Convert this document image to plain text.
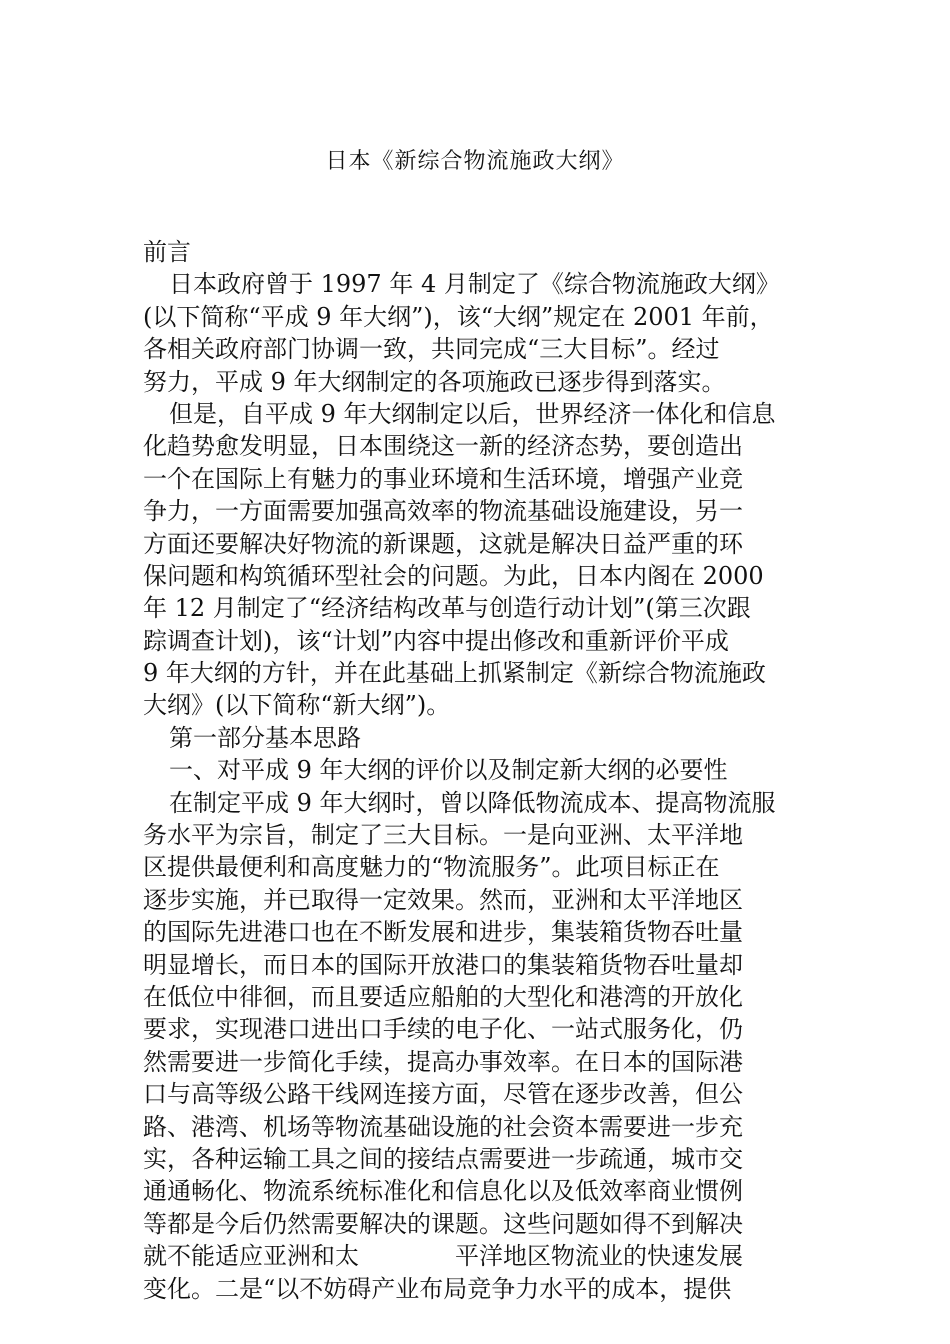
日本《新综合物流施政大纲》
前言
日本政府曾于 1997 年 4 月制定了《综合物流施政大纲》
(以下简称“平成 9 年大纲”)，该“大纲”规定在 2001 年前，
各相关政府部门协调一致，共同完成“三大目标”。经过
努力，平成 9 年大纲制定的各项施政已逐步得到落实。
但是，自平成 9 年大纲制定以后，世界经济一体化和信息
化趋势愈发明显，日本围绕这一新的经济态势，要创造出
一个在国际上有魅力的事业环境和生活环境，增强产业竞
争力，一方面需要加强高效率的物流基础设施建设，另一
方面还要解决好物流的新课题，这就是解决日益严重的环
保问题和构筑循环型社会的问题。为此，日本内阁在 2000
年 12 月制定了“经济结构改革与创造行动计划”(第三次跟
踪调查计划)，该“计划”内容中提出修改和重新评价平成
9 年大纲的方针，并在此基础上抓紧制定《新综合物流施政
大纲》(以下简称“新大纲”)。
第一部分基本思路
一、对平成 9 年大纲的评价以及制定新大纲的必要性
在制定平成 9 年大纲时，曾以降低物流成本、提高物流服
务水平为宗旨，制定了三大目标。一是向亚洲、太平洋地
区提供最便利和高度魅力的“物流服务”。此项目标正在
逐步实施，并已取得一定效果。然而，亚洲和太平洋地区
的国际先进港口也在不断发展和进步，集装箱货物吞吐量
明显增长，而日本的国际开放港口的集装箱货物吞吐量却
在低位中徘徊，而且要适应船舶的大型化和港湾的开放化
要求，实现港口进出口手续的电子化、一站式服务化，仍
然需要进一步简化手续，提高办事效率。在日本的国际港
口与高等级公路干线网连接方面，尽管在逐步改善，但公
路、港湾、机场等物流基础设施的社会资本需要进一步充
实，各种运输工具之间的接结点需要进一步疏通，城市交
通通畅化、物流系统标准化和信息化以及低效率商业惯例
等都是今后仍然需要解决的课题。这些问题如得不到解决
就不能适应亚洲和太	平洋地区物流业的快速发展
变化。二是“以不妨碍产业布局竞争力水平的成本，提供
